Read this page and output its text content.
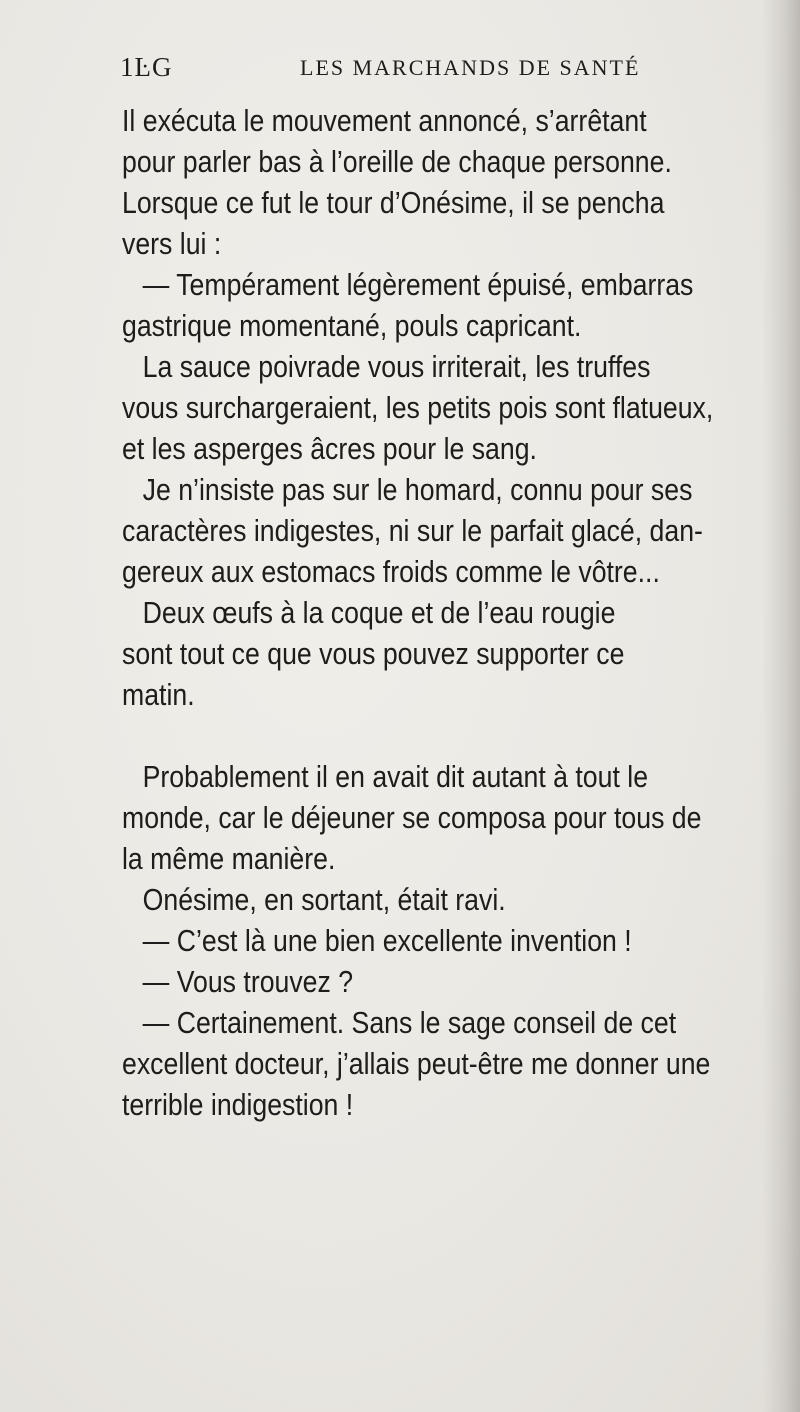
1ĿG	LES MARCHANDS DE SANTÉ

Il exécuta le mouvement annoncé, s’arrêtant

pour parler bas à l’oreille de chaque personne.

Lorsque ce fut le tour d’Onésime, il se pencha

vers lui :

— Tempérament légèrement épuisé, embarras

gastrique momentané, pouls capricant.

La sauce poivrade vous irriterait, les truffes

vous surchargeraient, les petits pois sont flatueux,

et les asperges âcres pour le sang.

Je n’insiste pas sur le homard, connu pour ses

caractères indigestes, ni sur le parfait glacé, dan-

gereux aux estomacs froids comme le vôtre...

Deux œufs à la coque et de l’eau rougie

sont tout ce que vous pouvez supporter ce

matin.

Probablement il en avait dit autant à tout le

monde, car le déjeuner se composa pour tous de

la même manière.

Onésime, en sortant, était ravi.

— C’est là une bien excellente invention !

— Vous trouvez ?

— Certainement. Sans le sage conseil de cet

excellent docteur, j’allais peut-être me donner une

terrible indigestion !
